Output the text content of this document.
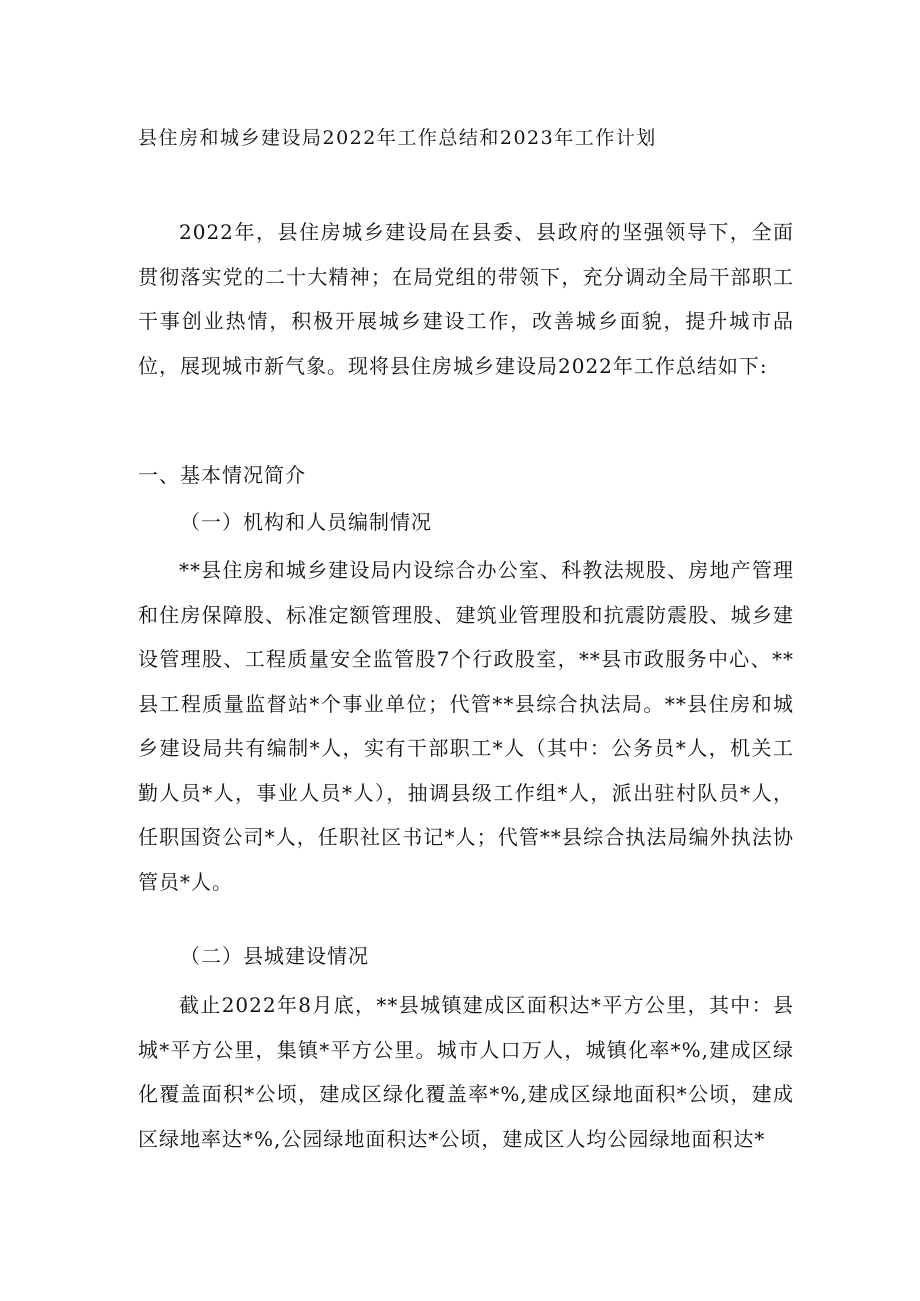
县住房和城乡建设局2022年工作总结和2023年工作计划

2022年，县住房城乡建设局在县委、县政府的坚强领导下，全面贯彻落实党的二十大精神；在局党组的带领下，充分调动全局干部职工干事创业热情，积极开展城乡建设工作，改善城乡面貌，提升城市品位，展现城市新气象。现将县住房城乡建设局2022年工作总结如下:

一、基本情况简介
（一）机构和人员编制情况

**县住房和城乡建设局内设综合办公室、科教法规股、房地产管理和住房保障股、标准定额管理股、建筑业管理股和抗震防震股、城乡建设管理股、工程质量安全监管股7个行政股室，**县市政服务中心、**县工程质量监督站*个事业单位；代管**县综合执法局。**县住房和城乡建设局共有编制*人，实有干部职工*人（其中：公务员*人，机关工勤人员*人，事业人员*人），抽调县级工作组*人，派出驻村队员*人，任职国资公司*人，任职社区书记*人；代管**县综合执法局编外执法协管员*人。

（二）县城建设情况

截止2022年8月底，**县城镇建成区面积达*平方公里，其中：县城*平方公里，集镇*平方公里。城市人口万人，城镇化率*%,建成区绿化覆盖面积*公顷，建成区绿化覆盖率*%,建成区绿地面积*公顷，建成区绿地率达*%,公园绿地面积达*公顷，建成区人均公园绿地面积达*
